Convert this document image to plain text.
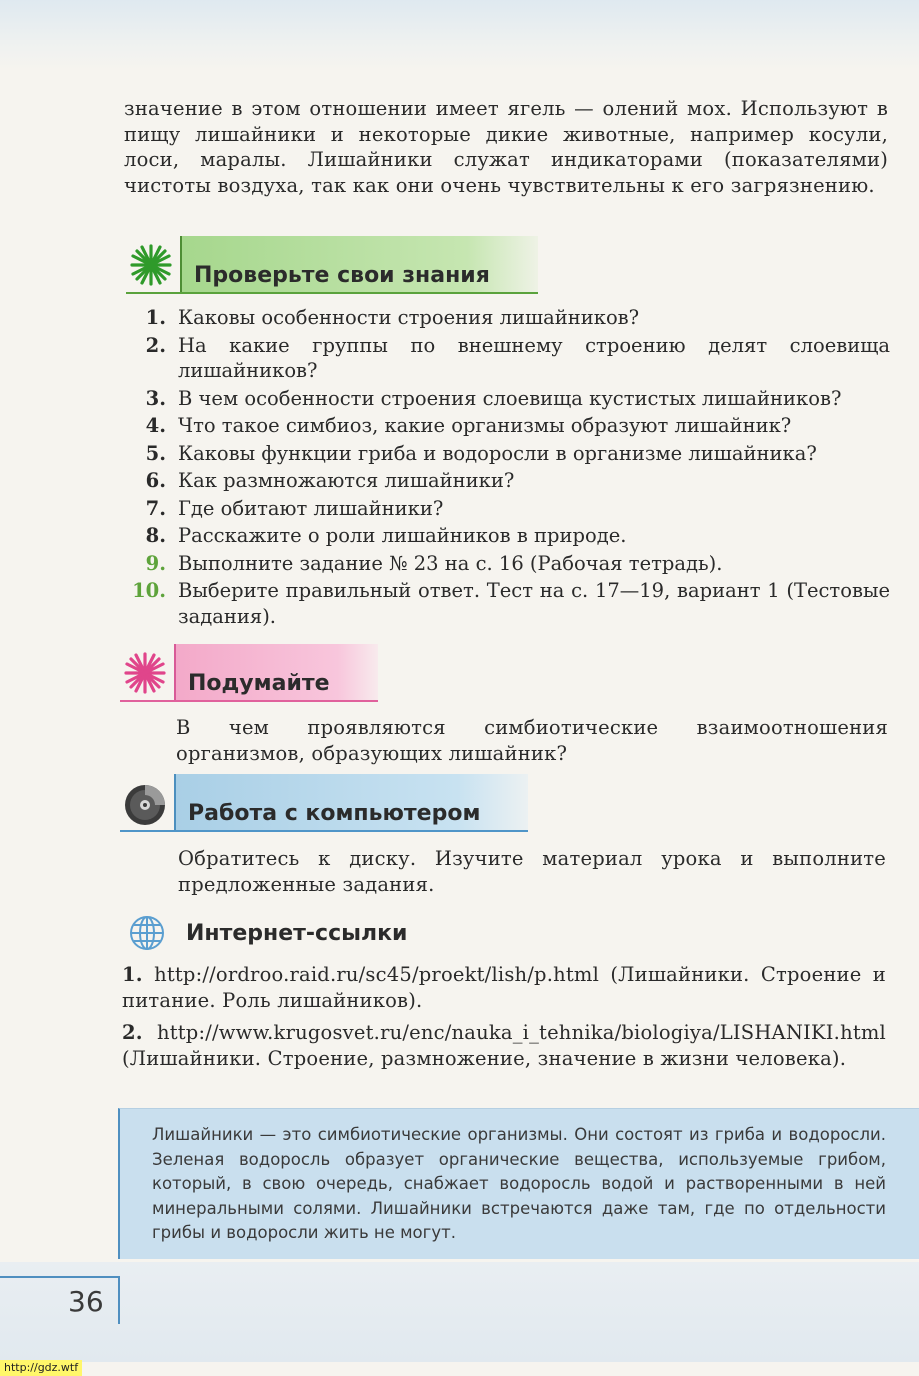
значение в этом отношении имеет ягель — олений мох. Используют в пищу лишайники и некоторые дикие животные, например косули, лоси, маралы. Лишайники служат индикаторами (показателями) чистоты воздуха, так как они очень чувствительны к его загрязнению.
Проверьте свои знания
1. Каковы особенности строения лишайников?
2. На какие группы по внешнему строению делят слоевища лишайников?
3. В чем особенности строения слоевища кустистых лишайников?
4. Что такое симбиоз, какие организмы образуют лишайник?
5. Каковы функции гриба и водоросли в организме лишайника?
6. Как размножаются лишайники?
7. Где обитают лишайники?
8. Расскажите о роли лишайников в природе.
9. Выполните задание № 23 на с. 16 (Рабочая тетрадь).
10. Выберите правильный ответ. Тест на с. 17—19, вариант 1 (Тестовые задания).
Подумайте
В чем проявляются симбиотические взаимоотношения организмов, образующих лишайник?
Работа с компьютером
Обратитесь к диску. Изучите материал урока и выполните предложенные задания.
Интернет-ссылки
1. http://ordroo.raid.ru/sc45/proekt/lish/p.html (Лишайники. Строение и питание. Роль лишайников).
2. http://www.krugosvet.ru/enc/nauka_i_tehnika/biologiya/LISHANIKI.html (Лишайники. Строение, размножение, значение в жизни человека).
Лишайники — это симбиотические организмы. Они состоят из гриба и водоросли. Зеленая водоросль образует органические вещества, используемые грибом, который, в свою очередь, снабжает водоросль водой и растворенными в ней минеральными солями. Лишайники встречаются даже там, где по отдельности грибы и водоросли жить не могут.
36
http://gdz.wtf
